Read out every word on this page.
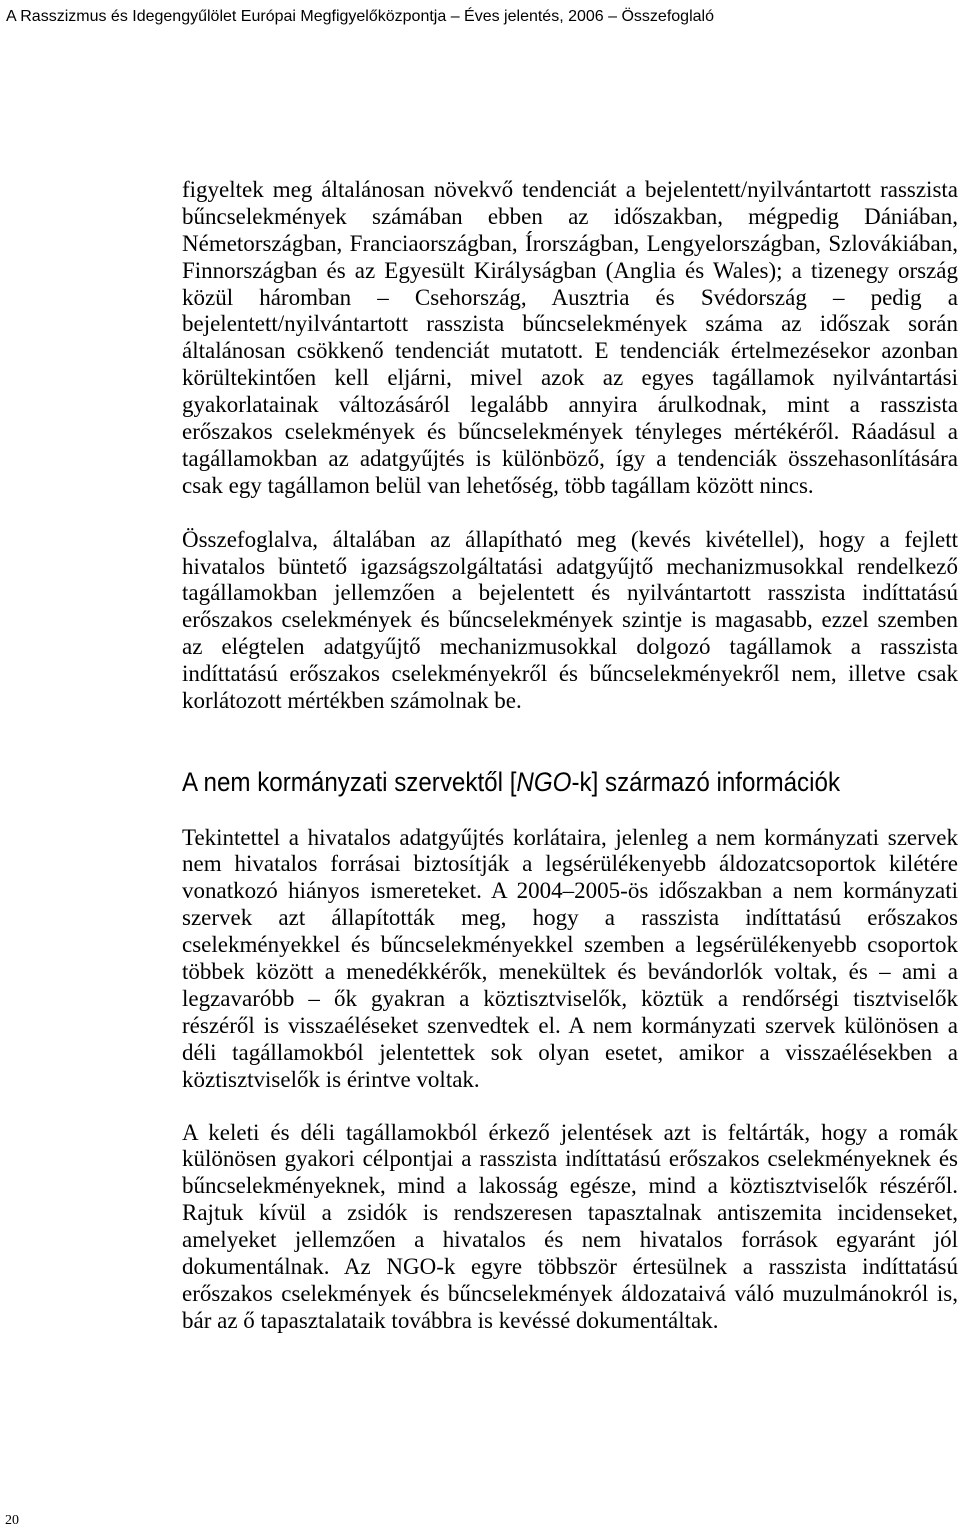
A Rasszizmus és Idegengyűlölet Európai Megfigyelőközpontja – Éves jelentés, 2006 – Összefoglaló
figyeltek meg általánosan növekvő tendenciát a bejelentett/nyilvántartott rasszista
bűncselekmények számában ebben az időszakban, mégpedig Dániában,
Németországban, Franciaországban, Írországban, Lengyelországban, Szlovákiában,
Finnországban és az Egyesült Királyságban (Anglia és Wales); a tizenegy ország
közül háromban – Csehország, Ausztria és Svédország – pedig a
bejelentett/nyilvántartott rasszista bűncselekmények száma az időszak során
általánosan csökkenő tendenciát mutatott. E tendenciák értelmezésekor azonban
körültekintően kell eljárni, mivel azok az egyes tagállamok nyilvántartási
gyakorlatainak változásáról legalább annyira árulkodnak, mint a rasszista
erőszakos cselekmények és bűncselekmények tényleges mértékéről. Ráadásul a
tagállamokban az adatgyűjtés is különböző, így a tendenciák összehasonlítására
csak egy tagállamon belül van lehetőség, több tagállam között nincs.
Összefoglalva, általában az állapítható meg (kevés kivétellel), hogy a fejlett
hivatalos büntető igazságszolgáltatási adatgyűjtő mechanizmusokkal rendelkező
tagállamokban jellemzően a bejelentett és nyilvántartott rasszista indíttatású
erőszakos cselekmények és bűncselekmények szintje is magasabb, ezzel szemben
az elégtelen adatgyűjtő mechanizmusokkal dolgozó tagállamok a rasszista
indíttatású erőszakos cselekményekről és bűncselekményekről nem, illetve csak
korlátozott mértékben számolnak be.
A nem kormányzati szervektől [NGO-k] származó információk
Tekintettel a hivatalos adatgyűjtés korlátaira, jelenleg a nem kormányzati szervek
nem hivatalos forrásai biztosítják a legsérülékenyebb áldozatcsoportok kilétére
vonatkozó hiányos ismereteket. A 2004–2005-ös időszakban a nem kormányzati
szervek azt állapították meg, hogy a rasszista indíttatású erőszakos
cselekményekkel és bűncselekményekkel szemben a legsérülékenyebb csoportok
többek között a menedékkérők, menekültek és bevándorlók voltak, és – ami a
legzavaróbb – ők gyakran a köztisztviselők, köztük a rendőrségi tisztviselők
részéről is visszaéléseket szenvedtek el. A nem kormányzati szervek különösen a
déli tagállamokból jelentettek sok olyan esetet, amikor a visszaélésekben a
köztisztviselők is érintve voltak.
A keleti és déli tagállamokból érkező jelentések azt is feltárták, hogy a romák
különösen gyakori célpontjai a rasszista indíttatású erőszakos cselekményeknek és
bűncselekményeknek, mind a lakosság egésze, mind a köztisztviselők részéről.
Rajtuk kívül a zsidók is rendszeresen tapasztalnak antiszemita incidenseket,
amelyeket jellemzően a hivatalos és nem hivatalos források egyaránt jól
dokumentálnak. Az NGO-k egyre többször értesülnek a rasszista indíttatású
erőszakos cselekmények és bűncselekmények áldozataivá váló muzulmánokról is,
bár az ő tapasztalataik továbbra is kevéssé dokumentáltak.
20
